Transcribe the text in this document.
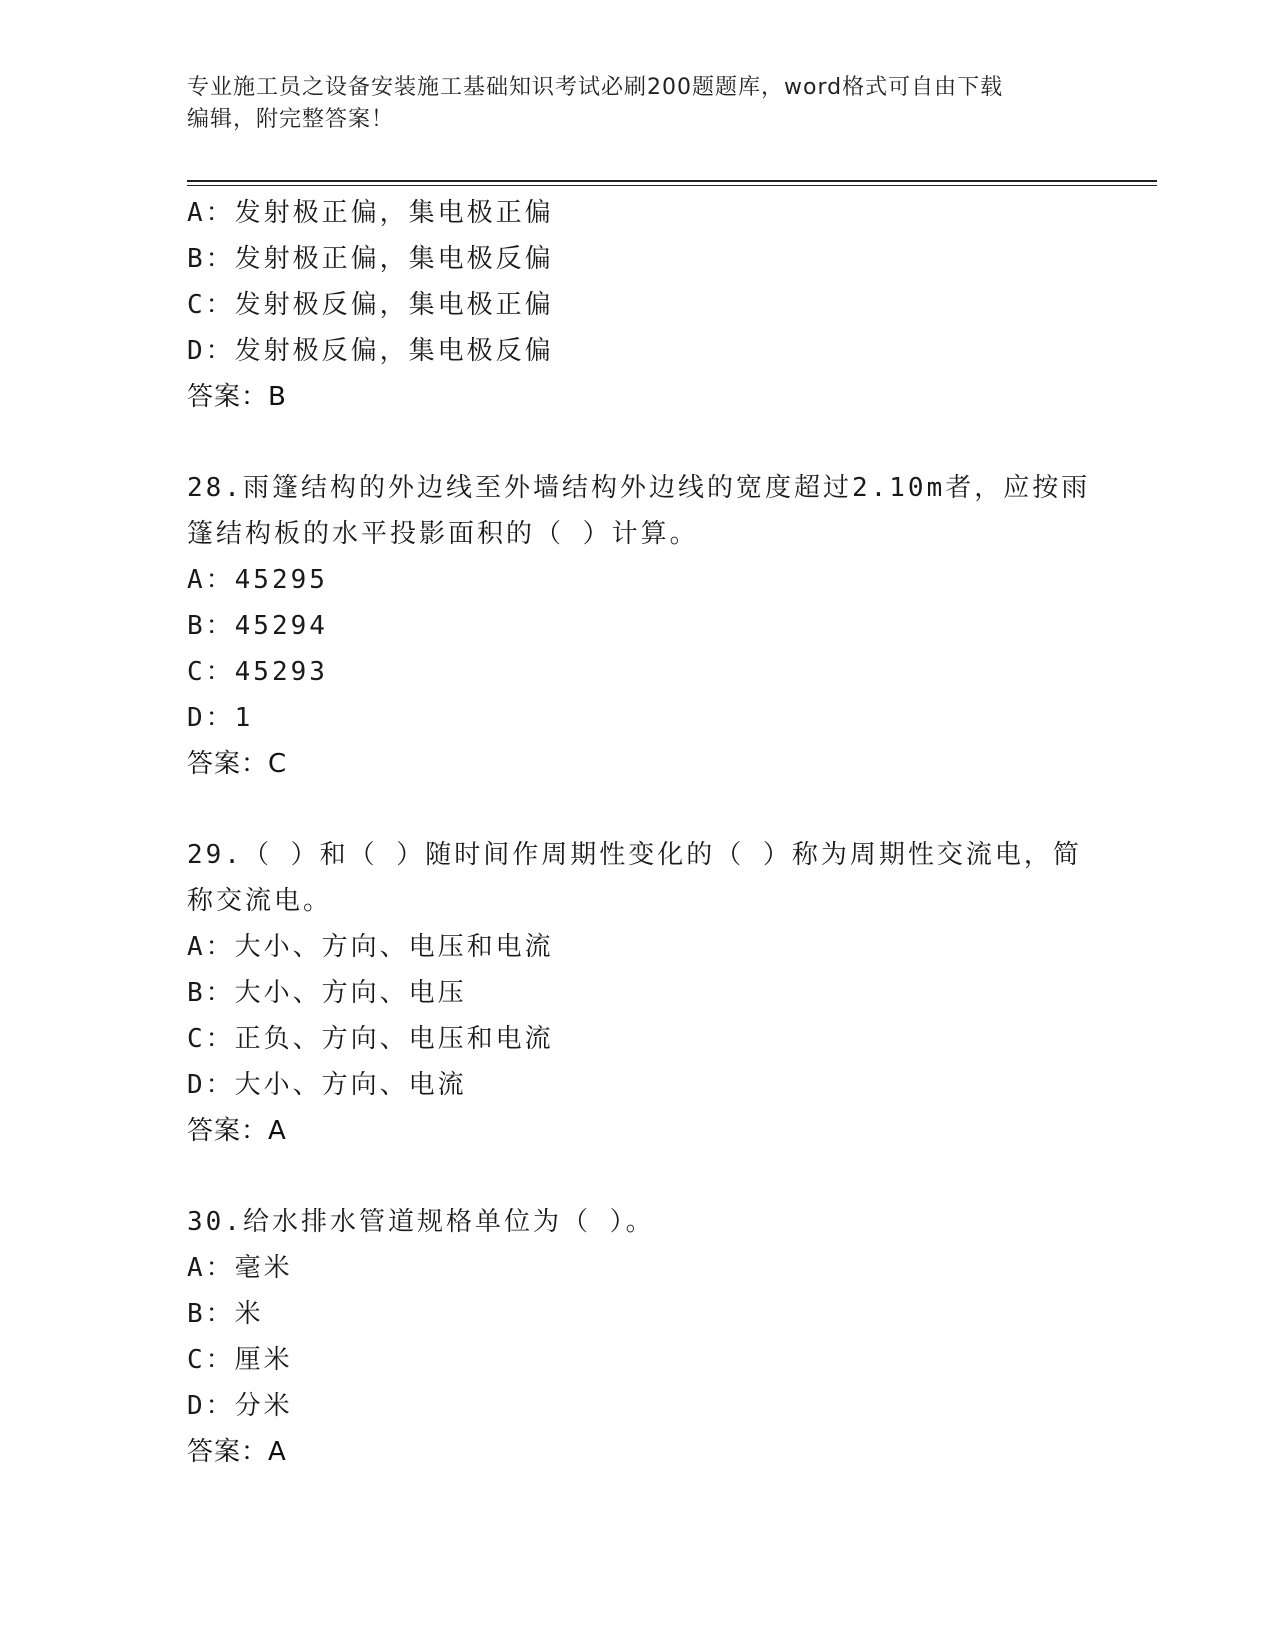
专业施工员之设备安装施工基础知识考试必刷200题题库，word格式可自由下载
编辑，附完整答案！
A：发射极正偏，集电极正偏
B：发射极正偏，集电极反偏
C：发射极反偏，集电极正偏
D：发射极反偏，集电极反偏
答案：B
28.雨篷结构的外边线至外墙结构外边线的宽度超过2.10m者，应按雨
篷结构板的水平投影面积的（ ）计算。
A：45295
B：45294
C：45293
D：1
答案：C
29.（ ）和（ ）随时间作周期性变化的（ ）称为周期性交流电，简
称交流电。
A：大小、方向、电压和电流
B：大小、方向、电压
C：正负、方向、电压和电流
D：大小、方向、电流
答案：A
30.给水排水管道规格单位为（ ）。
A：毫米
B：米
C：厘米
D：分米
答案：A
